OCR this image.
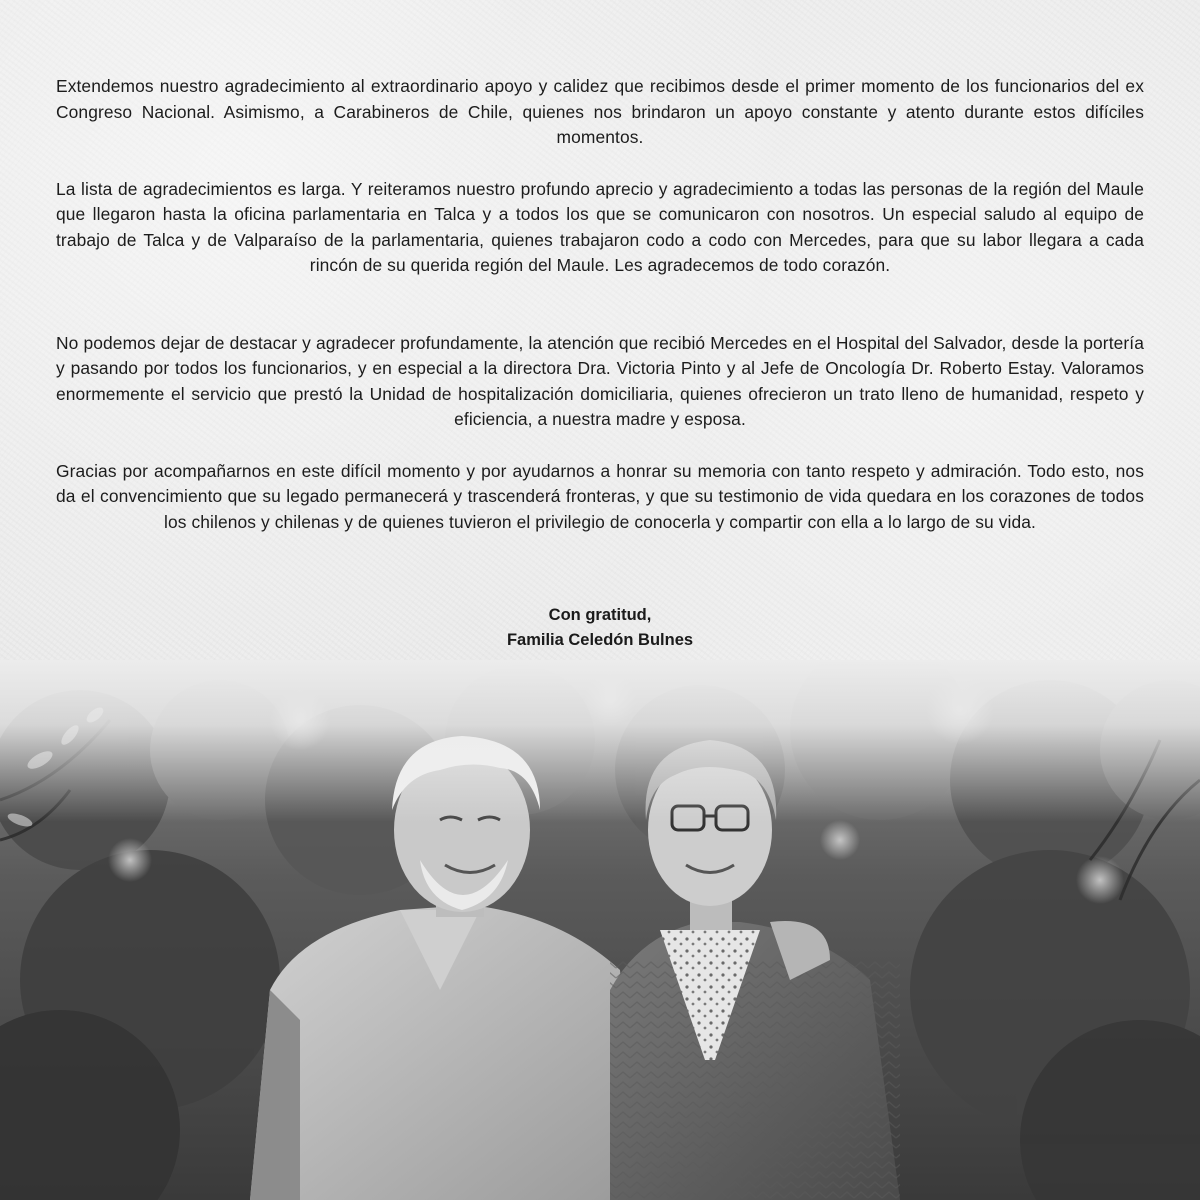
Extendemos nuestro agradecimiento al extraordinario apoyo y calidez que recibimos desde el primer momento de los funcionarios del ex Congreso Nacional. Asimismo, a Carabineros de Chile, quienes nos brindaron un apoyo constante y atento durante estos difíciles momentos.

La lista de agradecimientos es larga. Y reiteramos nuestro profundo aprecio y agradecimiento a todas las personas de la región del Maule que llegaron hasta la oficina parlamentaria en Talca y a todos los que se comunicaron con nosotros. Un especial saludo al equipo de trabajo de Talca y de Valparaíso de la parlamentaria, quienes trabajaron codo a codo con Mercedes, para que su labor llegara a cada rincón de su querida región del Maule. Les agradecemos de todo corazón.

No podemos dejar de destacar y agradecer profundamente, la atención que recibió Mercedes en el Hospital del Salvador, desde la portería y pasando por todos los funcionarios, y en especial a la directora Dra. Victoria Pinto y al Jefe de Oncología Dr. Roberto Estay. Valoramos enormemente el servicio que prestó la Unidad de hospitalización domiciliaria, quienes ofrecieron un trato lleno de humanidad, respeto y eficiencia, a nuestra madre y esposa.

Gracias por acompañarnos en este difícil momento y por ayudarnos a honrar su memoria con tanto respeto y admiración. Todo esto, nos da el convencimiento que su legado permanecerá y trascenderá fronteras, y que su testimonio de vida quedara en los corazones de todos los chilenos y chilenas y de quienes tuvieron el privilegio de conocerla y compartir con ella a lo largo de su vida.

Con gratitud,
Familia Celedón Bulnes
